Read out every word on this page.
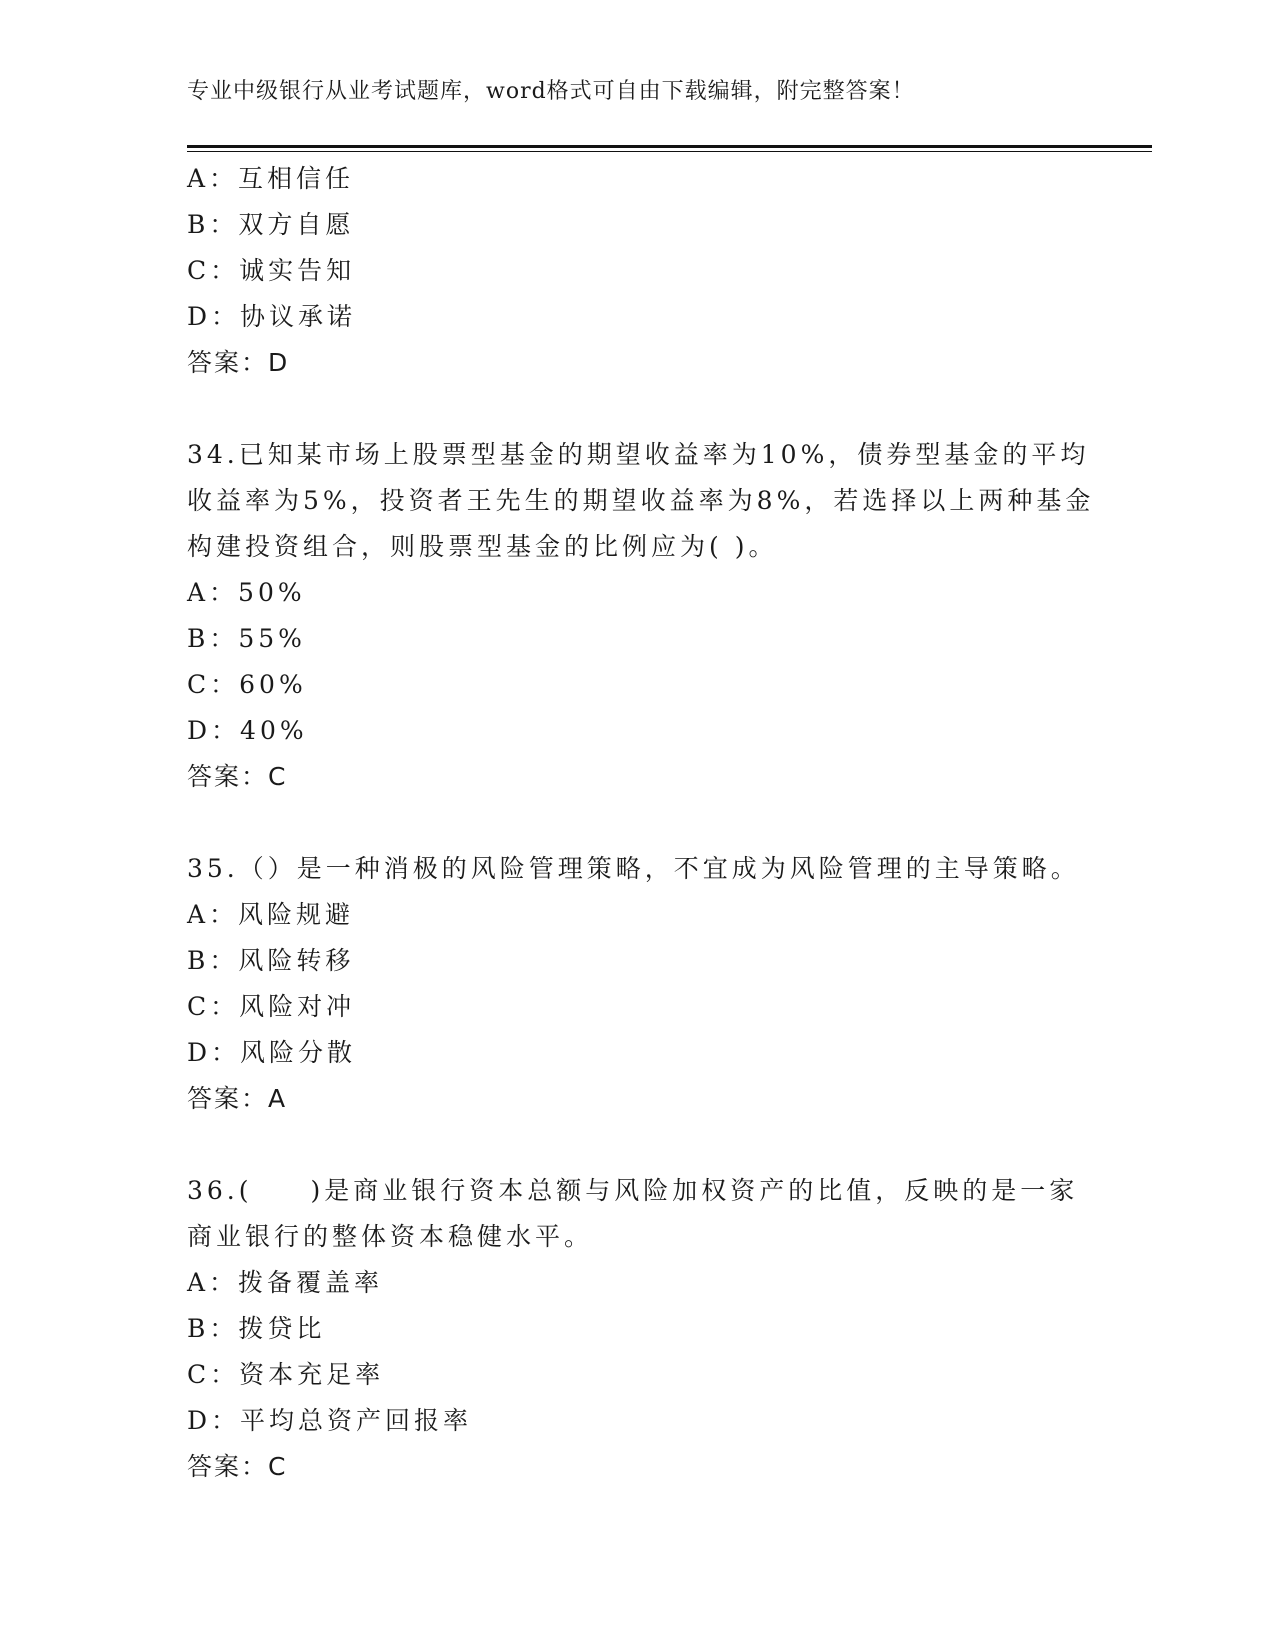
专业中级银行从业考试题库，word格式可自由下载编辑，附完整答案！
A：互相信任
B：双方自愿
C：诚实告知
D：协议承诺
答案：D
34.已知某市场上股票型基金的期望收益率为10%，债券型基金的平均
收益率为5%，投资者王先生的期望收益率为8%，若选择以上两种基金
构建投资组合，则股票型基金的比例应为( )。
A：50%
B：55%
C：60%
D：40%
答案：C
35.（）是一种消极的风险管理策略，不宜成为风险管理的主导策略。
A：风险规避
B：风险转移
C：风险对冲
D：风险分散
答案：A
36.(　　)是商业银行资本总额与风险加权资产的比值，反映的是一家
商业银行的整体资本稳健水平。
A：拨备覆盖率
B：拨贷比
C：资本充足率
D：平均总资产回报率
答案：C
